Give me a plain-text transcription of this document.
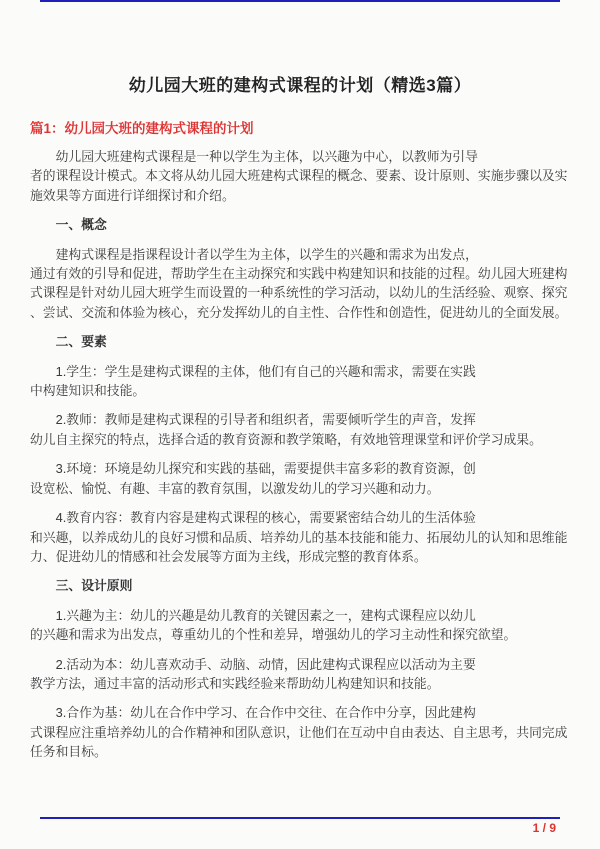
幼儿园大班的建构式课程的计划（精选3篇）
篇1：幼儿园大班的建构式课程的计划
幼儿园大班建构式课程是一种以学生为主体，以兴趣为中心，以教师为引导
者的课程设计模式。本文将从幼儿园大班建构式课程的概念、要素、设计原则、实施步骤以及实
施效果等方面进行详细探讨和介绍。
一、概念
建构式课程是指课程设计者以学生为主体，以学生的兴趣和需求为出发点，
通过有效的引导和促进，帮助学生在主动探究和实践中构建知识和技能的过程。幼儿园大班建构
式课程是针对幼儿园大班学生而设置的一种系统性的学习活动，以幼儿的生活经验、观察、探究
、尝试、交流和体验为核心，充分发挥幼儿的自主性、合作性和创造性，促进幼儿的全面发展。
二、要素
1.学生：学生是建构式课程的主体，他们有自己的兴趣和需求，需要在实践
中构建知识和技能。
2.教师：教师是建构式课程的引导者和组织者，需要倾听学生的声音，发挥
幼儿自主探究的特点，选择合适的教育资源和教学策略，有效地管理课堂和评价学习成果。
3.环境：环境是幼儿探究和实践的基础，需要提供丰富多彩的教育资源，创
设宽松、愉悦、有趣、丰富的教育氛围，以激发幼儿的学习兴趣和动力。
4.教育内容：教育内容是建构式课程的核心，需要紧密结合幼儿的生活体验
和兴趣，以养成幼儿的良好习惯和品质、培养幼儿的基本技能和能力、拓展幼儿的认知和思维能
力、促进幼儿的情感和社会发展等方面为主线，形成完整的教育体系。
三、设计原则
1.兴趣为主：幼儿的兴趣是幼儿教育的关键因素之一，建构式课程应以幼儿
的兴趣和需求为出发点，尊重幼儿的个性和差异，增强幼儿的学习主动性和探究欲望。
2.活动为本：幼儿喜欢动手、动脑、动情，因此建构式课程应以活动为主要
教学方法，通过丰富的活动形式和实践经验来帮助幼儿构建知识和技能。
3.合作为基：幼儿在合作中学习、在合作中交往、在合作中分享，因此建构
式课程应注重培养幼儿的合作精神和团队意识，让他们在互动中自由表达、自主思考，共同完成
任务和目标。
1 / 9
